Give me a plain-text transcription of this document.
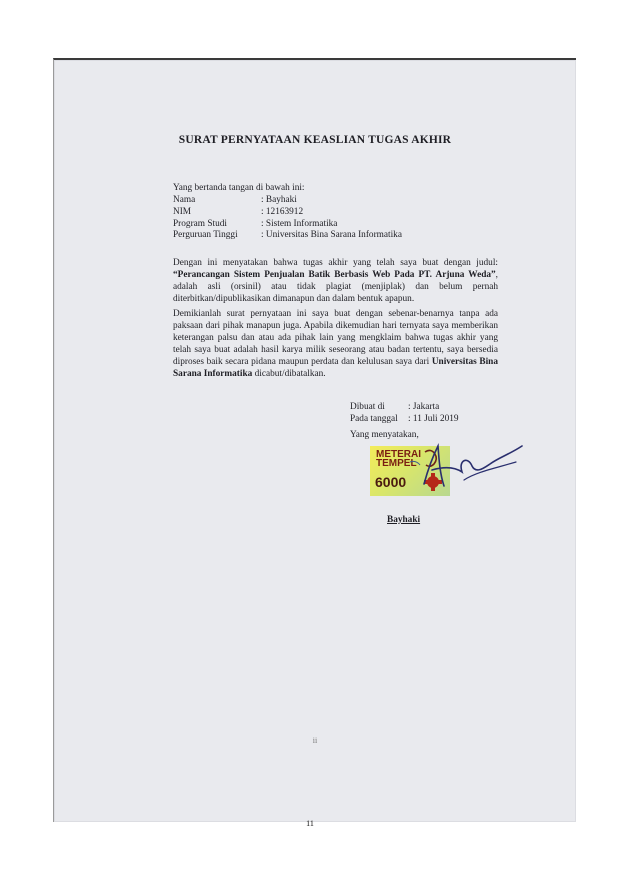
SURAT PERNYATAAN KEASLIAN TUGAS AKHIR
Yang bertanda tangan di bawah ini:
Nama	: Bayhaki
NIM	: 12163912
Program Studi	: Sistem Informatika
Perguruan Tinggi	: Universitas Bina Sarana Informatika
Dengan ini menyatakan bahwa tugas akhir yang telah saya buat dengan judul: “Perancangan Sistem Penjualan Batik Berbasis Web Pada PT. Arjuna Weda”, adalah asli (orsinil) atau tidak plagiat (menjiplak) dan belum pernah diterbitkan/dipublikasikan dimanapun dan dalam bentuk apapun.
Demikianlah surat pernyataan ini saya buat dengan sebenar-benarnya tanpa ada paksaan dari pihak manapun juga. Apabila dikemudian hari ternyata saya memberikan keterangan palsu dan atau ada pihak lain yang mengklaim bahwa tugas akhir yang telah saya buat adalah hasil karya milik seseorang atau badan tertentu, saya bersedia diproses baik secara pidana maupun perdata dan kelulusan saya dari Universitas Bina Sarana Informatika dicabut/dibatalkan.
Dibuat di	: Jakarta
Pada tanggal	: 11 Juli 2019
Yang menyatakan,
METERAI
TEMPEL
6000
Bayhaki
ii
11
